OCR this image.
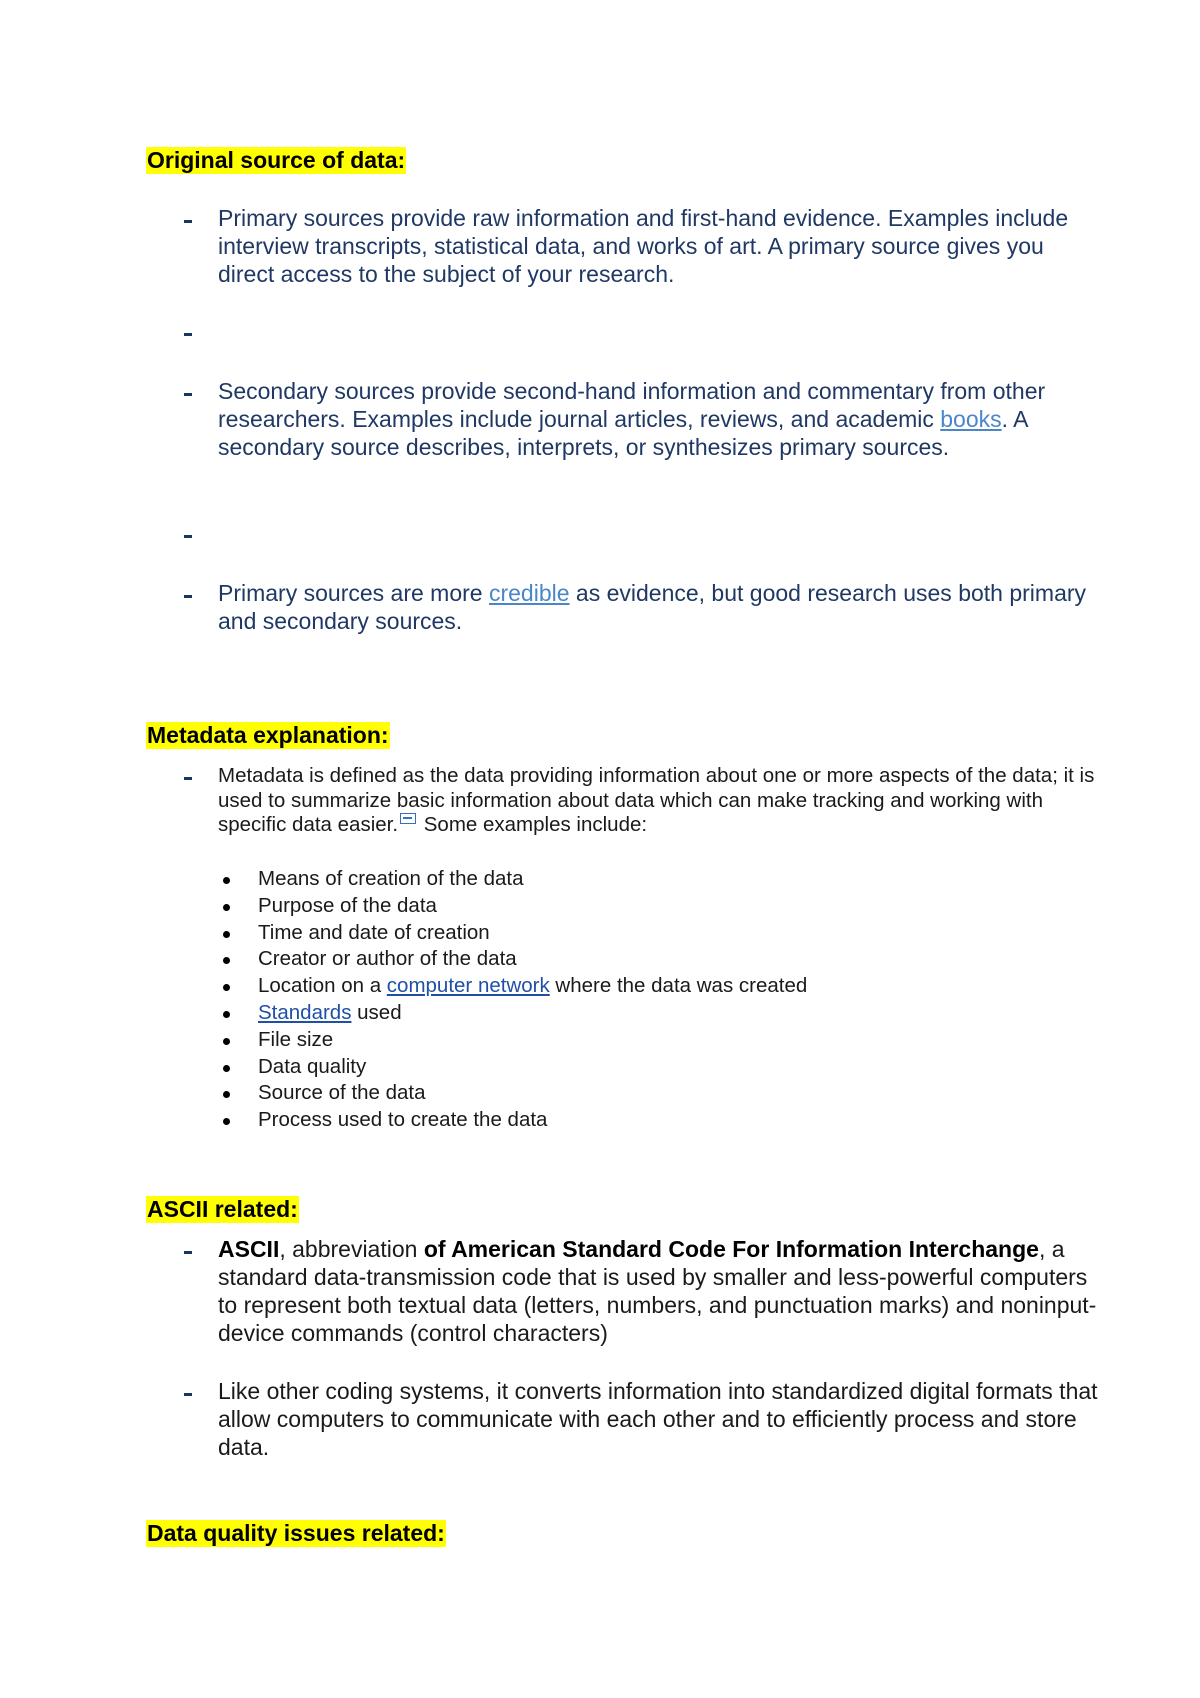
Original source of data:
Primary sources provide raw information and first-hand evidence. Examples include interview transcripts, statistical data, and works of art. A primary source gives you direct access to the subject of your research.
Secondary sources provide second-hand information and commentary from other researchers. Examples include journal articles, reviews, and academic books. A secondary source describes, interprets, or synthesizes primary sources.
Primary sources are more credible as evidence, but good research uses both primary and secondary sources.
Metadata explanation:
Metadata is defined as the data providing information about one or more aspects of the data; it is used to summarize basic information about data which can make tracking and working with specific data easier. Some examples include:
Means of creation of the data
Purpose of the data
Time and date of creation
Creator or author of the data
Location on a computer network where the data was created
Standards used
File size
Data quality
Source of the data
Process used to create the data
ASCII related:
ASCII, abbreviation of American Standard Code For Information Interchange, a standard data-transmission code that is used by smaller and less-powerful computers to represent both textual data (letters, numbers, and punctuation marks) and noninput-device commands (control characters)
Like other coding systems, it converts information into standardized digital formats that allow computers to communicate with each other and to efficiently process and store data.
Data quality issues related:
